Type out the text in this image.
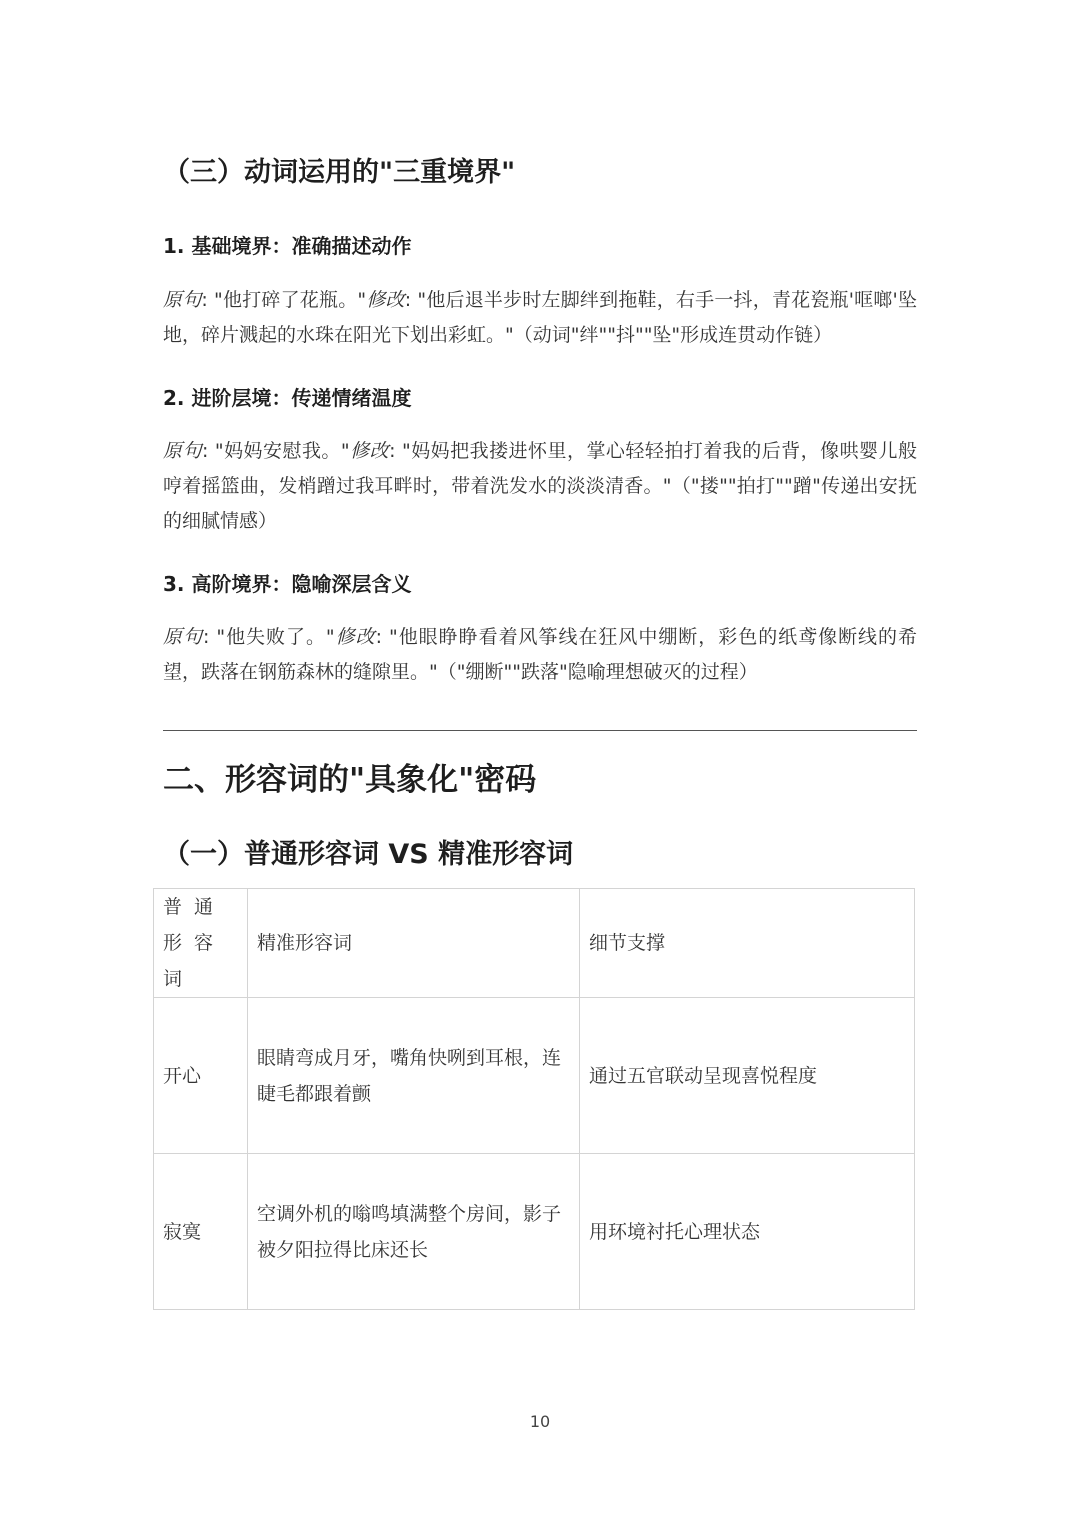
（三）动词运用的"三重境界"
1. 基础境界：准确描述动作
原句: "他打碎了花瓶。"修改: "他后退半步时左脚绊到拖鞋，右手一抖，青花瓷瓶'哐啷'坠地，碎片溅起的水珠在阳光下划出彩虹。"（动词"绊""抖""坠"形成连贯动作链）
2. 进阶层境：传递情绪温度
原句: "妈妈安慰我。"修改: "妈妈把我搂进怀里，掌心轻轻拍打着我的后背，像哄婴儿般哼着摇篮曲，发梢蹭过我耳畔时，带着洗发水的淡淡清香。"（"搂""拍打""蹭"传递出安抚的细腻情感）
3. 高阶境界：隐喻深层含义
原句: "他失败了。"修改: "他眼睁睁看着风筝线在狂风中绷断，彩色的纸鸢像断线的希望，跌落在钢筋森林的缝隙里。"（"绷断""跌落"隐喻理想破灭的过程）
二、形容词的"具象化"密码
（一）普通形容词 VS 精准形容词
普通形容词	精准形容词	细节支撑
开心	眼睛弯成月牙，嘴角快咧到耳根，连睫毛都跟着颤	通过五官联动呈现喜悦程度
寂寞	空调外机的嗡鸣填满整个房间，影子被夕阳拉得比床还长	用环境衬托心理状态
10
